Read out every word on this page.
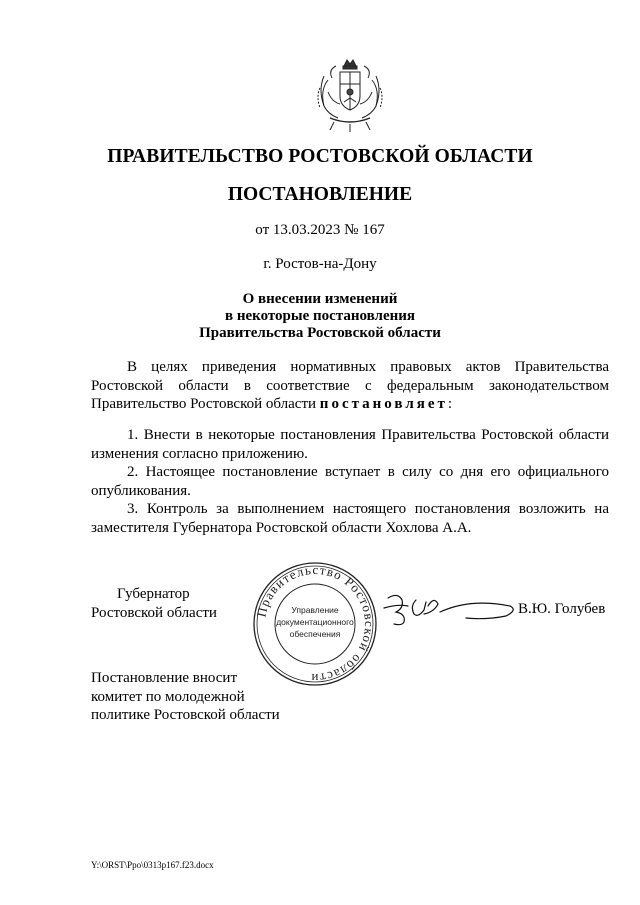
ПРАВИТЕЛЬСТВО РОСТОВСКОЙ ОБЛАСТИ
ПОСТАНОВЛЕНИЕ
от 13.03.2023 № 167
г. Ростов-на-Дону
О внесении изменений
в некоторые постановления
Правительства Ростовской области
В целях приведения нормативных правовых актов Правительства Ростовской области в соответствие с федеральным законодательством Правительство Ростовской области постановляет:

1. Внести в некоторые постановления Правительства Ростовской области изменения согласно приложению.

2. Настоящее постановление вступает в силу со дня его официального опубликования.

3. Контроль за выполнением настоящего постановления возложить на заместителя Губернатора Ростовской области Хохлова А.А.

Губернатор
Ростовской области	Правительство Ростовской области
Управление
документационного
обеспечения
В.Ю. Голубев
Постановление вносит
комитет по молодежной
политике Ростовской области
Y:\ORST\Ppo\0313p167.f23.docx
